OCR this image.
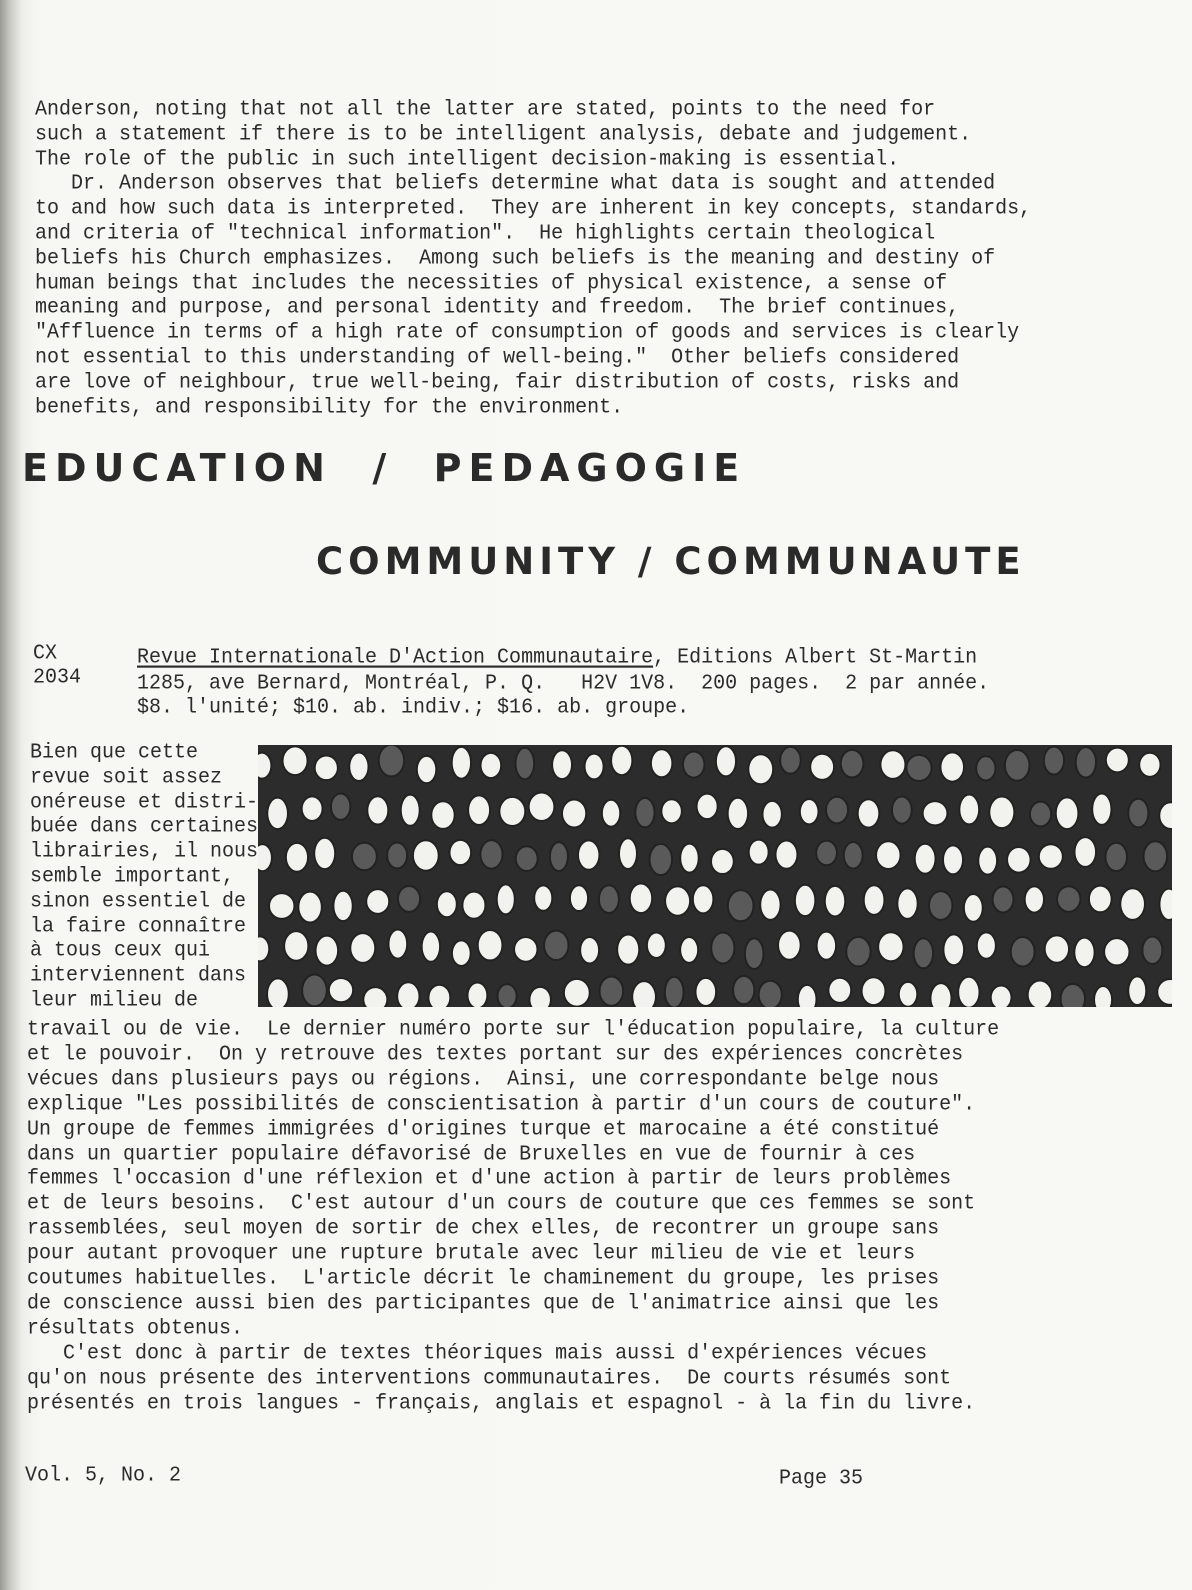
Anderson, noting that not all the latter are stated, points to the need for
such a statement if there is to be intelligent analysis, debate and judgement.
The role of the public in such intelligent decision-making is essential.
Dr. Anderson observes that beliefs determine what data is sought and attended
to and how such data is interpreted.  They are inherent in key concepts, standards,
and criteria of "technical information".  He highlights certain theological
beliefs his Church emphasizes.  Among such beliefs is the meaning and destiny of
human beings that includes the necessities of physical existence, a sense of
meaning and purpose, and personal identity and freedom.  The brief continues,
"Affluence in terms of a high rate of consumption of goods and services is clearly
not essential to this understanding of well-being."  Other beliefs considered
are love of neighbour, true well-being, fair distribution of costs, risks and
benefits, and responsibility for the environment.
EDUCATION  /  PEDAGOGIE
COMMUNITY / COMMUNAUTE
CX
2034
Revue Internationale D'Action Communautaire, Editions Albert St-Martin
1285, ave Bernard, Montréal, P. Q.   H2V 1V8.  200 pages.  2 par année.
$8. l'unité; $10. ab. indiv.; $16. ab. groupe.
Bien que cette
revue soit assez
onéreuse et distri-
buée dans certaines
librairies, il nous
semble important,
sinon essentiel de
la faire connaître
à tous ceux qui
interviennent dans
leur milieu de
travail ou de vie.  Le dernier numéro porte sur l'éducation populaire, la culture
et le pouvoir.  On y retrouve des textes portant sur des expériences concrètes
vécues dans plusieurs pays ou régions.  Ainsi, une correspondante belge nous
explique "Les possibilités de conscientisation à partir d'un cours de couture".
Un groupe de femmes immigrées d'origines turque et marocaine a été constitué
dans un quartier populaire défavorisé de Bruxelles en vue de fournir à ces
femmes l'occasion d'une réflexion et d'une action à partir de leurs problèmes
et de leurs besoins.  C'est autour d'un cours de couture que ces femmes se sont
rassemblées, seul moyen de sortir de chex elles, de recontrer un groupe sans
pour autant provoquer une rupture brutale avec leur milieu de vie et leurs
coutumes habituelles.  L'article décrit le chaminement du groupe, les prises
de conscience aussi bien des participantes que de l'animatrice ainsi que les
résultats obtenus.
C'est donc à partir de textes théoriques mais aussi d'expériences vécues
qu'on nous présente des interventions communautaires.  De courts résumés sont
présentés en trois langues - français, anglais et espagnol - à la fin du livre.
Vol. 5, No. 2	Page 35
